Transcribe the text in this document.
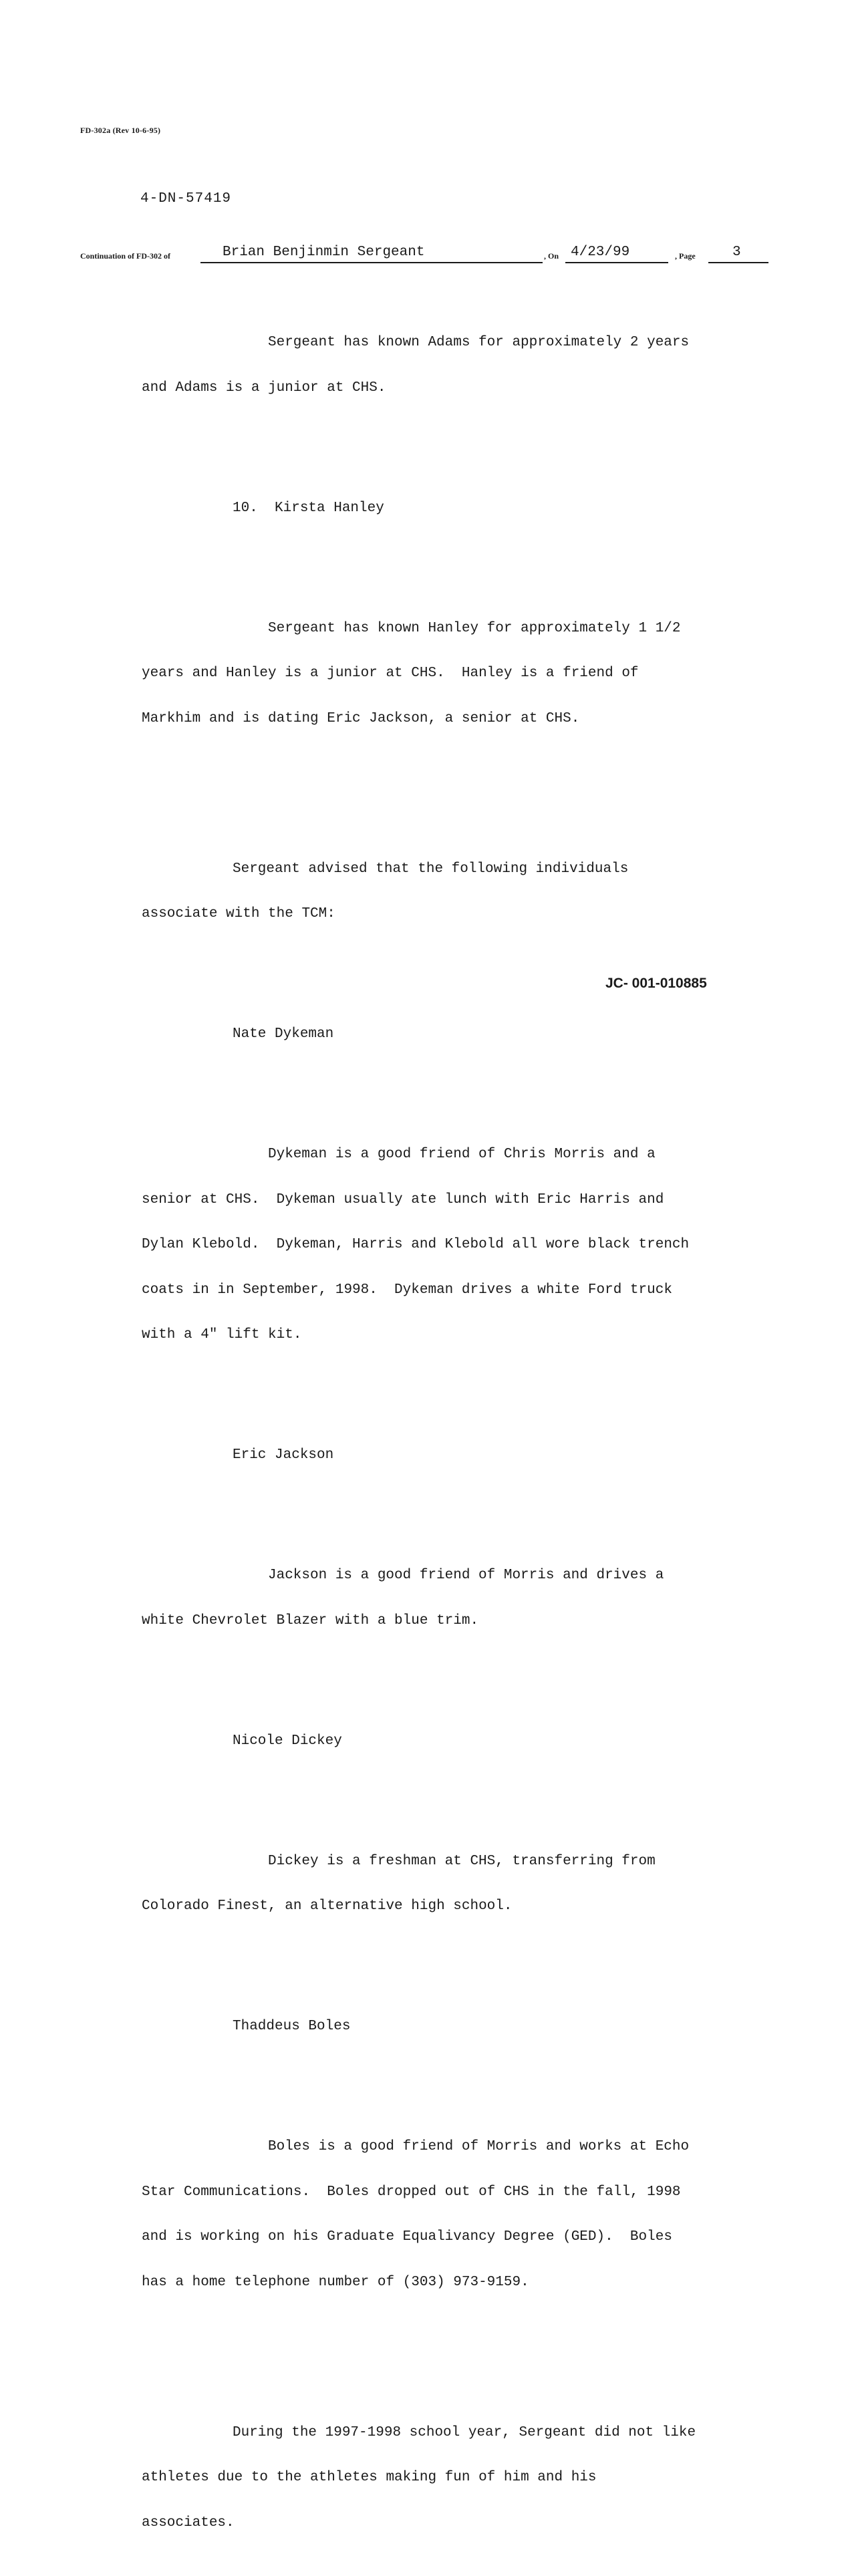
FD-302a (Rev 10-6-95)
4-DN-57419
Continuation of FD-302 of	Brian Benjinmin Sergeant	, On 4/23/99	, Page	3

Sergeant has known Adams for approximately 2 years

and Adams is a junior at CHS.

10.  Kirsta Hanley

Sergeant has known Hanley for approximately 1 1/2

years and Hanley is a junior at CHS.  Hanley is a friend of

Markhim and is dating Eric Jackson, a senior at CHS.

Sergeant advised that the following individuals

associate with the TCM:

Nate Dykeman

Dykeman is a good friend of Chris Morris and a

senior at CHS.  Dykeman usually ate lunch with Eric Harris and

Dylan Klebold.  Dykeman, Harris and Klebold all wore black trench

coats in in September, 1998.  Dykeman drives a white Ford truck

with a 4" lift kit.

Eric Jackson

Jackson is a good friend of Morris and drives a

white Chevrolet Blazer with a blue trim.

Nicole Dickey

Dickey is a freshman at CHS, transferring from

Colorado Finest, an alternative high school.

Thaddeus Boles

Boles is a good friend of Morris and works at Echo

Star Communications.  Boles dropped out of CHS in the fall, 1998

and is working on his Graduate Equalivancy Degree (GED).  Boles

has a home telephone number of (303) 973-9159.

During the 1997-1998 school year, Sergeant did not like

athletes due to the athletes making fun of him and his

associates.

JC- 001-010885
